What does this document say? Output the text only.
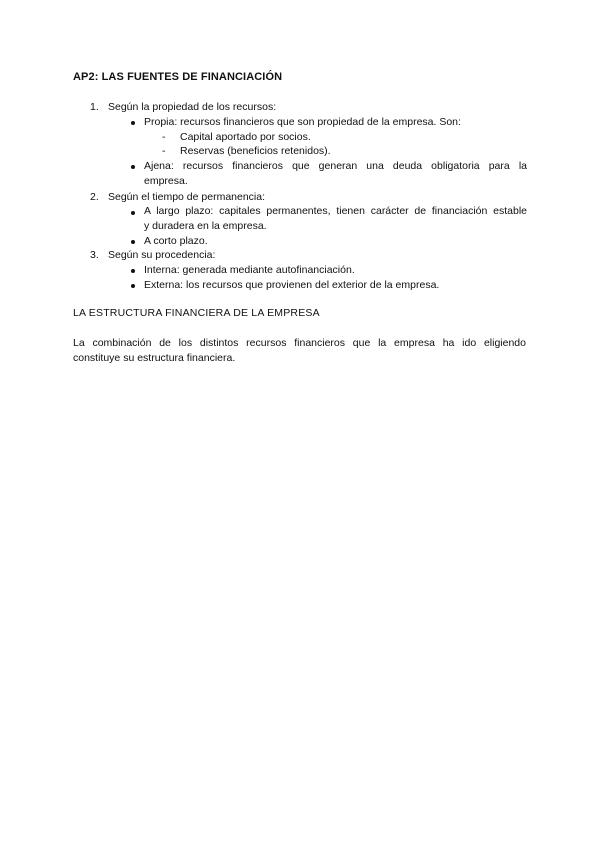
AP2: LAS FUENTES DE FINANCIACIÓN
1. Según la propiedad de los recursos:
Propia: recursos financieros que son propiedad de la empresa. Son:
- Capital aportado por socios.
- Reservas (beneficios retenidos).
Ajena: recursos financieros que generan una deuda obligatoria para la
empresa.
2. Según el tiempo de permanencia:
A largo plazo: capitales permanentes, tienen carácter de financiación estable
y duradera en la empresa.
A corto plazo.
3. Según su procedencia:
Interna: generada mediante autofinanciación.
Externa: los recursos que provienen del exterior de la empresa.
LA ESTRUCTURA FINANCIERA DE LA EMPRESA
La combinación de los distintos recursos financieros que la empresa ha ido eligiendo
constituye su estructura financiera.
